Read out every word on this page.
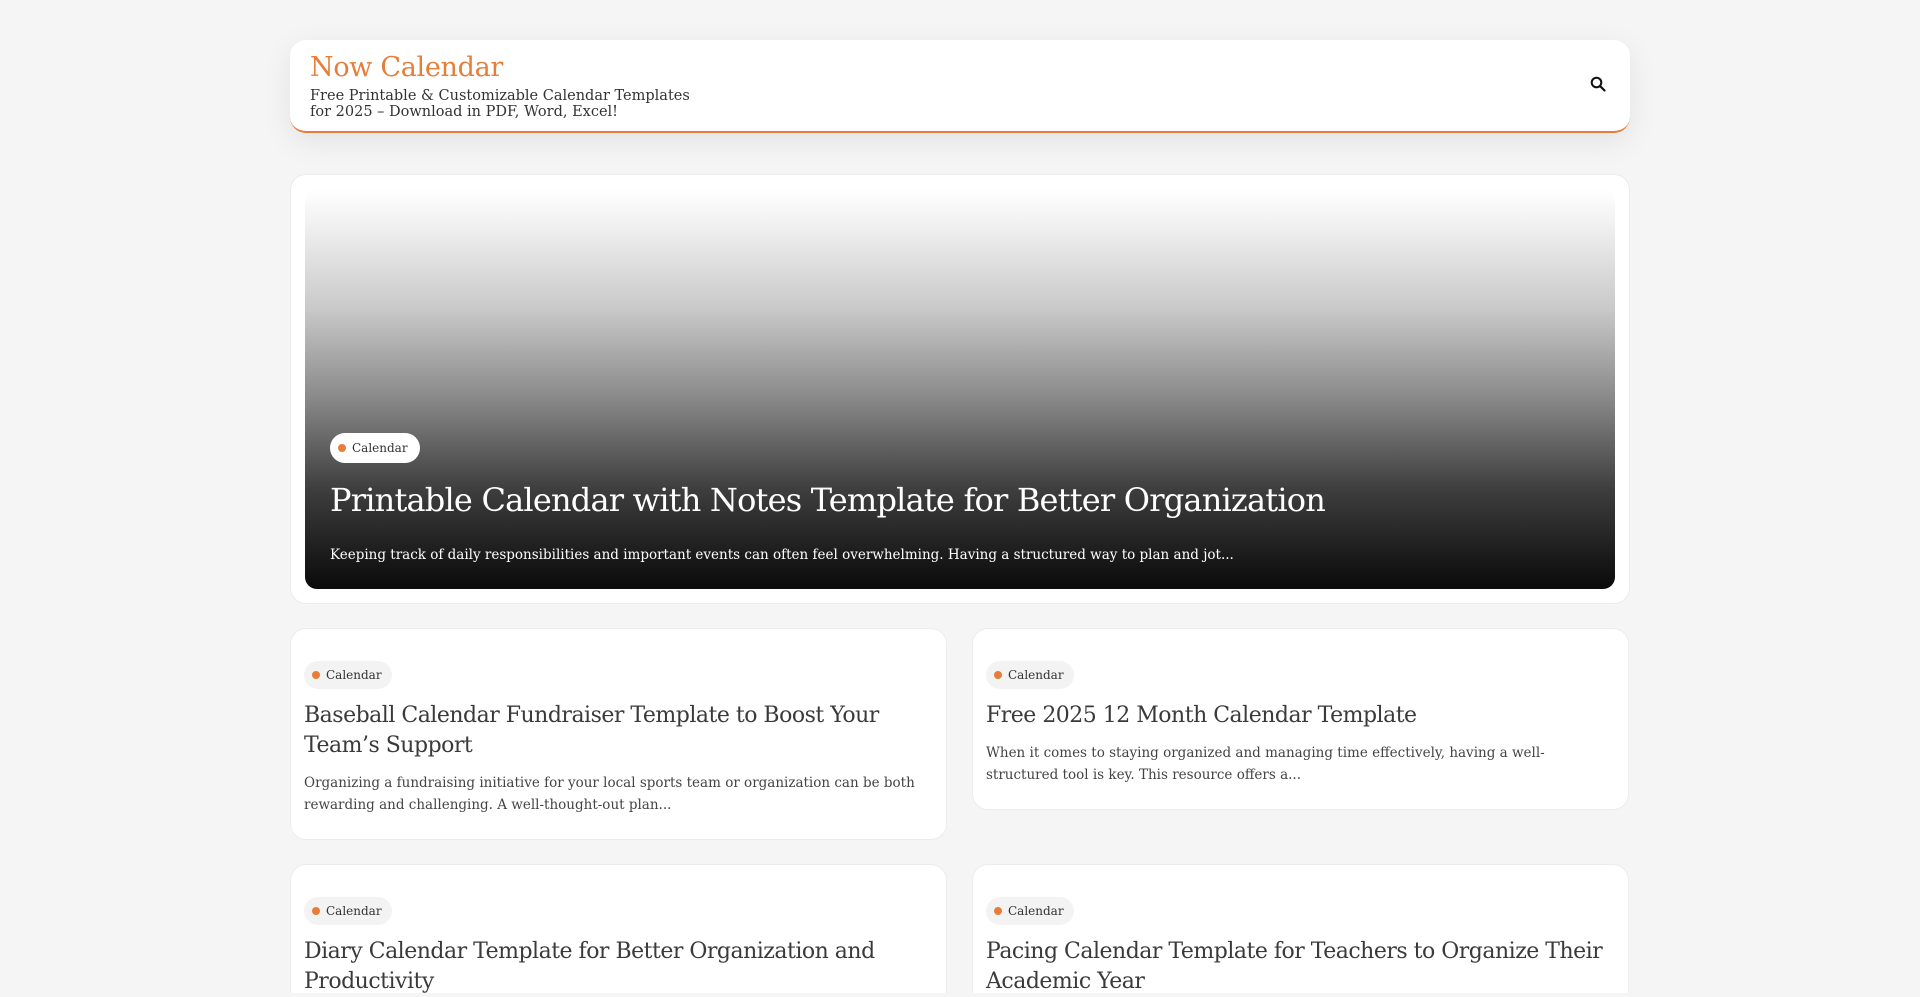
Now Calendar
Free Printable & Customizable Calendar Templates for 2025 – Download in PDF, Word, Excel!
Calendar
Printable Calendar with Notes Template for Better Organization
Keeping track of daily responsibilities and important events can often feel overwhelming. Having a structured way to plan and jot...
Calendar
Baseball Calendar Fundraiser Template to Boost Your Team’s Support
Organizing a fundraising initiative for your local sports team or organization can be both rewarding and challenging. A well-thought-out plan...
Calendar
Free 2025 12 Month Calendar Template
When it comes to staying organized and managing time effectively, having a well-structured tool is key. This resource offers a...
Calendar
Diary Calendar Template for Better Organization and Productivity
Calendar
Pacing Calendar Template for Teachers to Organize Their Academic Year
